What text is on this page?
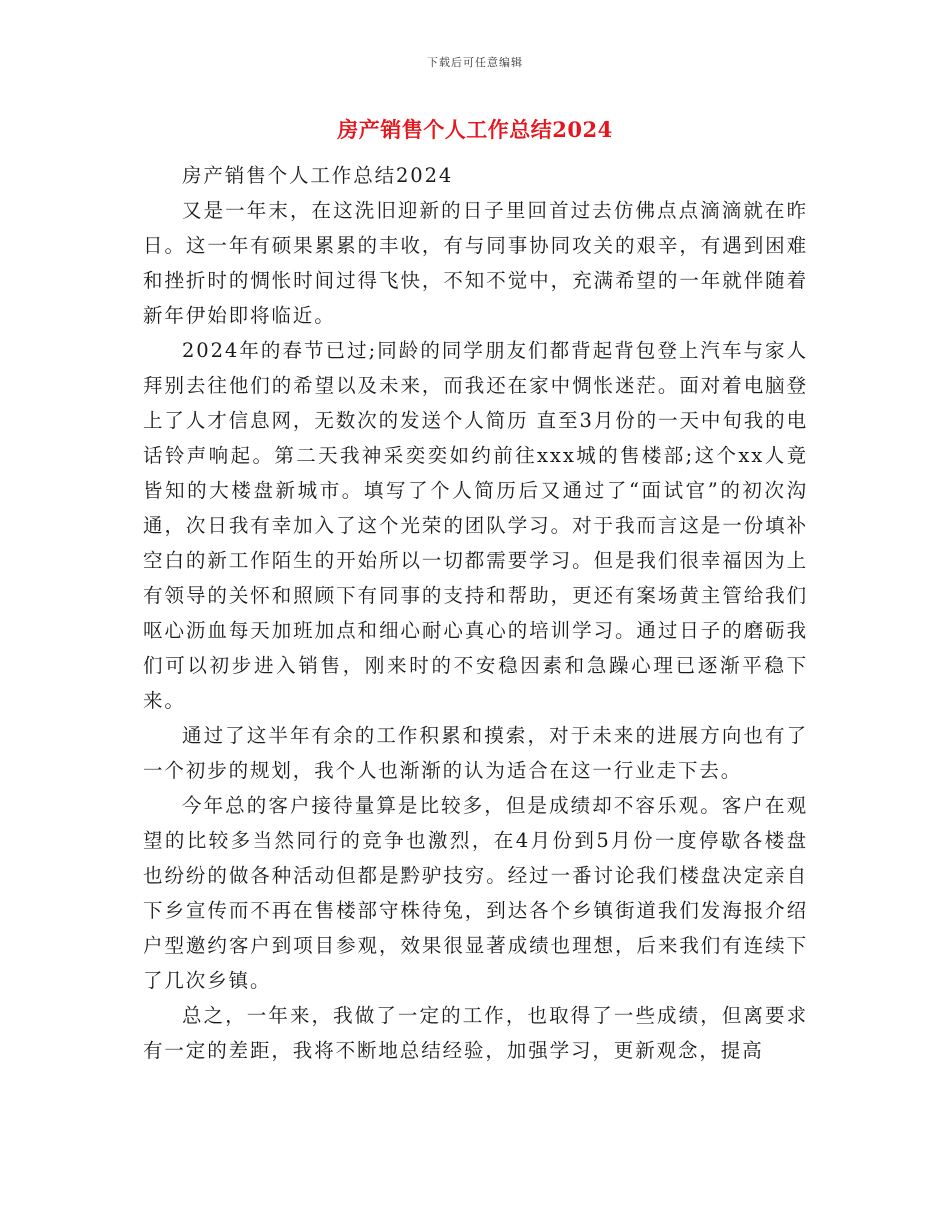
下载后可任意编辑
房产销售个人工作总结2024

房产销售个人工作总结2024

又是一年末，在这洗旧迎新的日子里回首过去仿佛点点滴滴就在昨日。这一年有硕果累累的丰收，有与同事协同攻关的艰辛，有遇到困难和挫折时的惆怅时间过得飞快，不知不觉中，充满希望的一年就伴随着新年伊始即将临近。

2024年的春节已过;同龄的同学朋友们都背起背包登上汽车与家人拜别去往他们的希望以及未来，而我还在家中惆怅迷茫。面对着电脑登上了人才信息网，无数次的发送个人简历 直至3月份的一天中旬我的电话铃声响起。第二天我神采奕奕如约前往xxx城的售楼部;这个xx人竟皆知的大楼盘新城市。填写了个人简历后又通过了“面试官”的初次沟通，次日我有幸加入了这个光荣的团队学习。对于我而言这是一份填补空白的新工作陌生的开始所以一切都需要学习。但是我们很幸福因为上有领导的关怀和照顾下有同事的支持和帮助，更还有案场黄主管给我们呕心沥血每天加班加点和细心耐心真心的培训学习。通过日子的磨砺我们可以初步进入销售，刚来时的不安稳因素和急躁心理已逐渐平稳下来。

通过了这半年有余的工作积累和摸索，对于未来的进展方向也有了一个初步的规划，我个人也渐渐的认为适合在这一行业走下去。

今年总的客户接待量算是比较多，但是成绩却不容乐观。客户在观望的比较多当然同行的竞争也激烈，在4月份到5月份一度停歇各楼盘也纷纷的做各种活动但都是黔驴技穷。经过一番讨论我们楼盘决定亲自下乡宣传而不再在售楼部守株待兔，到达各个乡镇街道我们发海报介绍户型邀约客户到项目参观，效果很显著成绩也理想，后来我们有连续下了几次乡镇。

总之，一年来，我做了一定的工作，也取得了一些成绩，但离要求有一定的差距，我将不断地总结经验，加强学习，更新观念，提高
